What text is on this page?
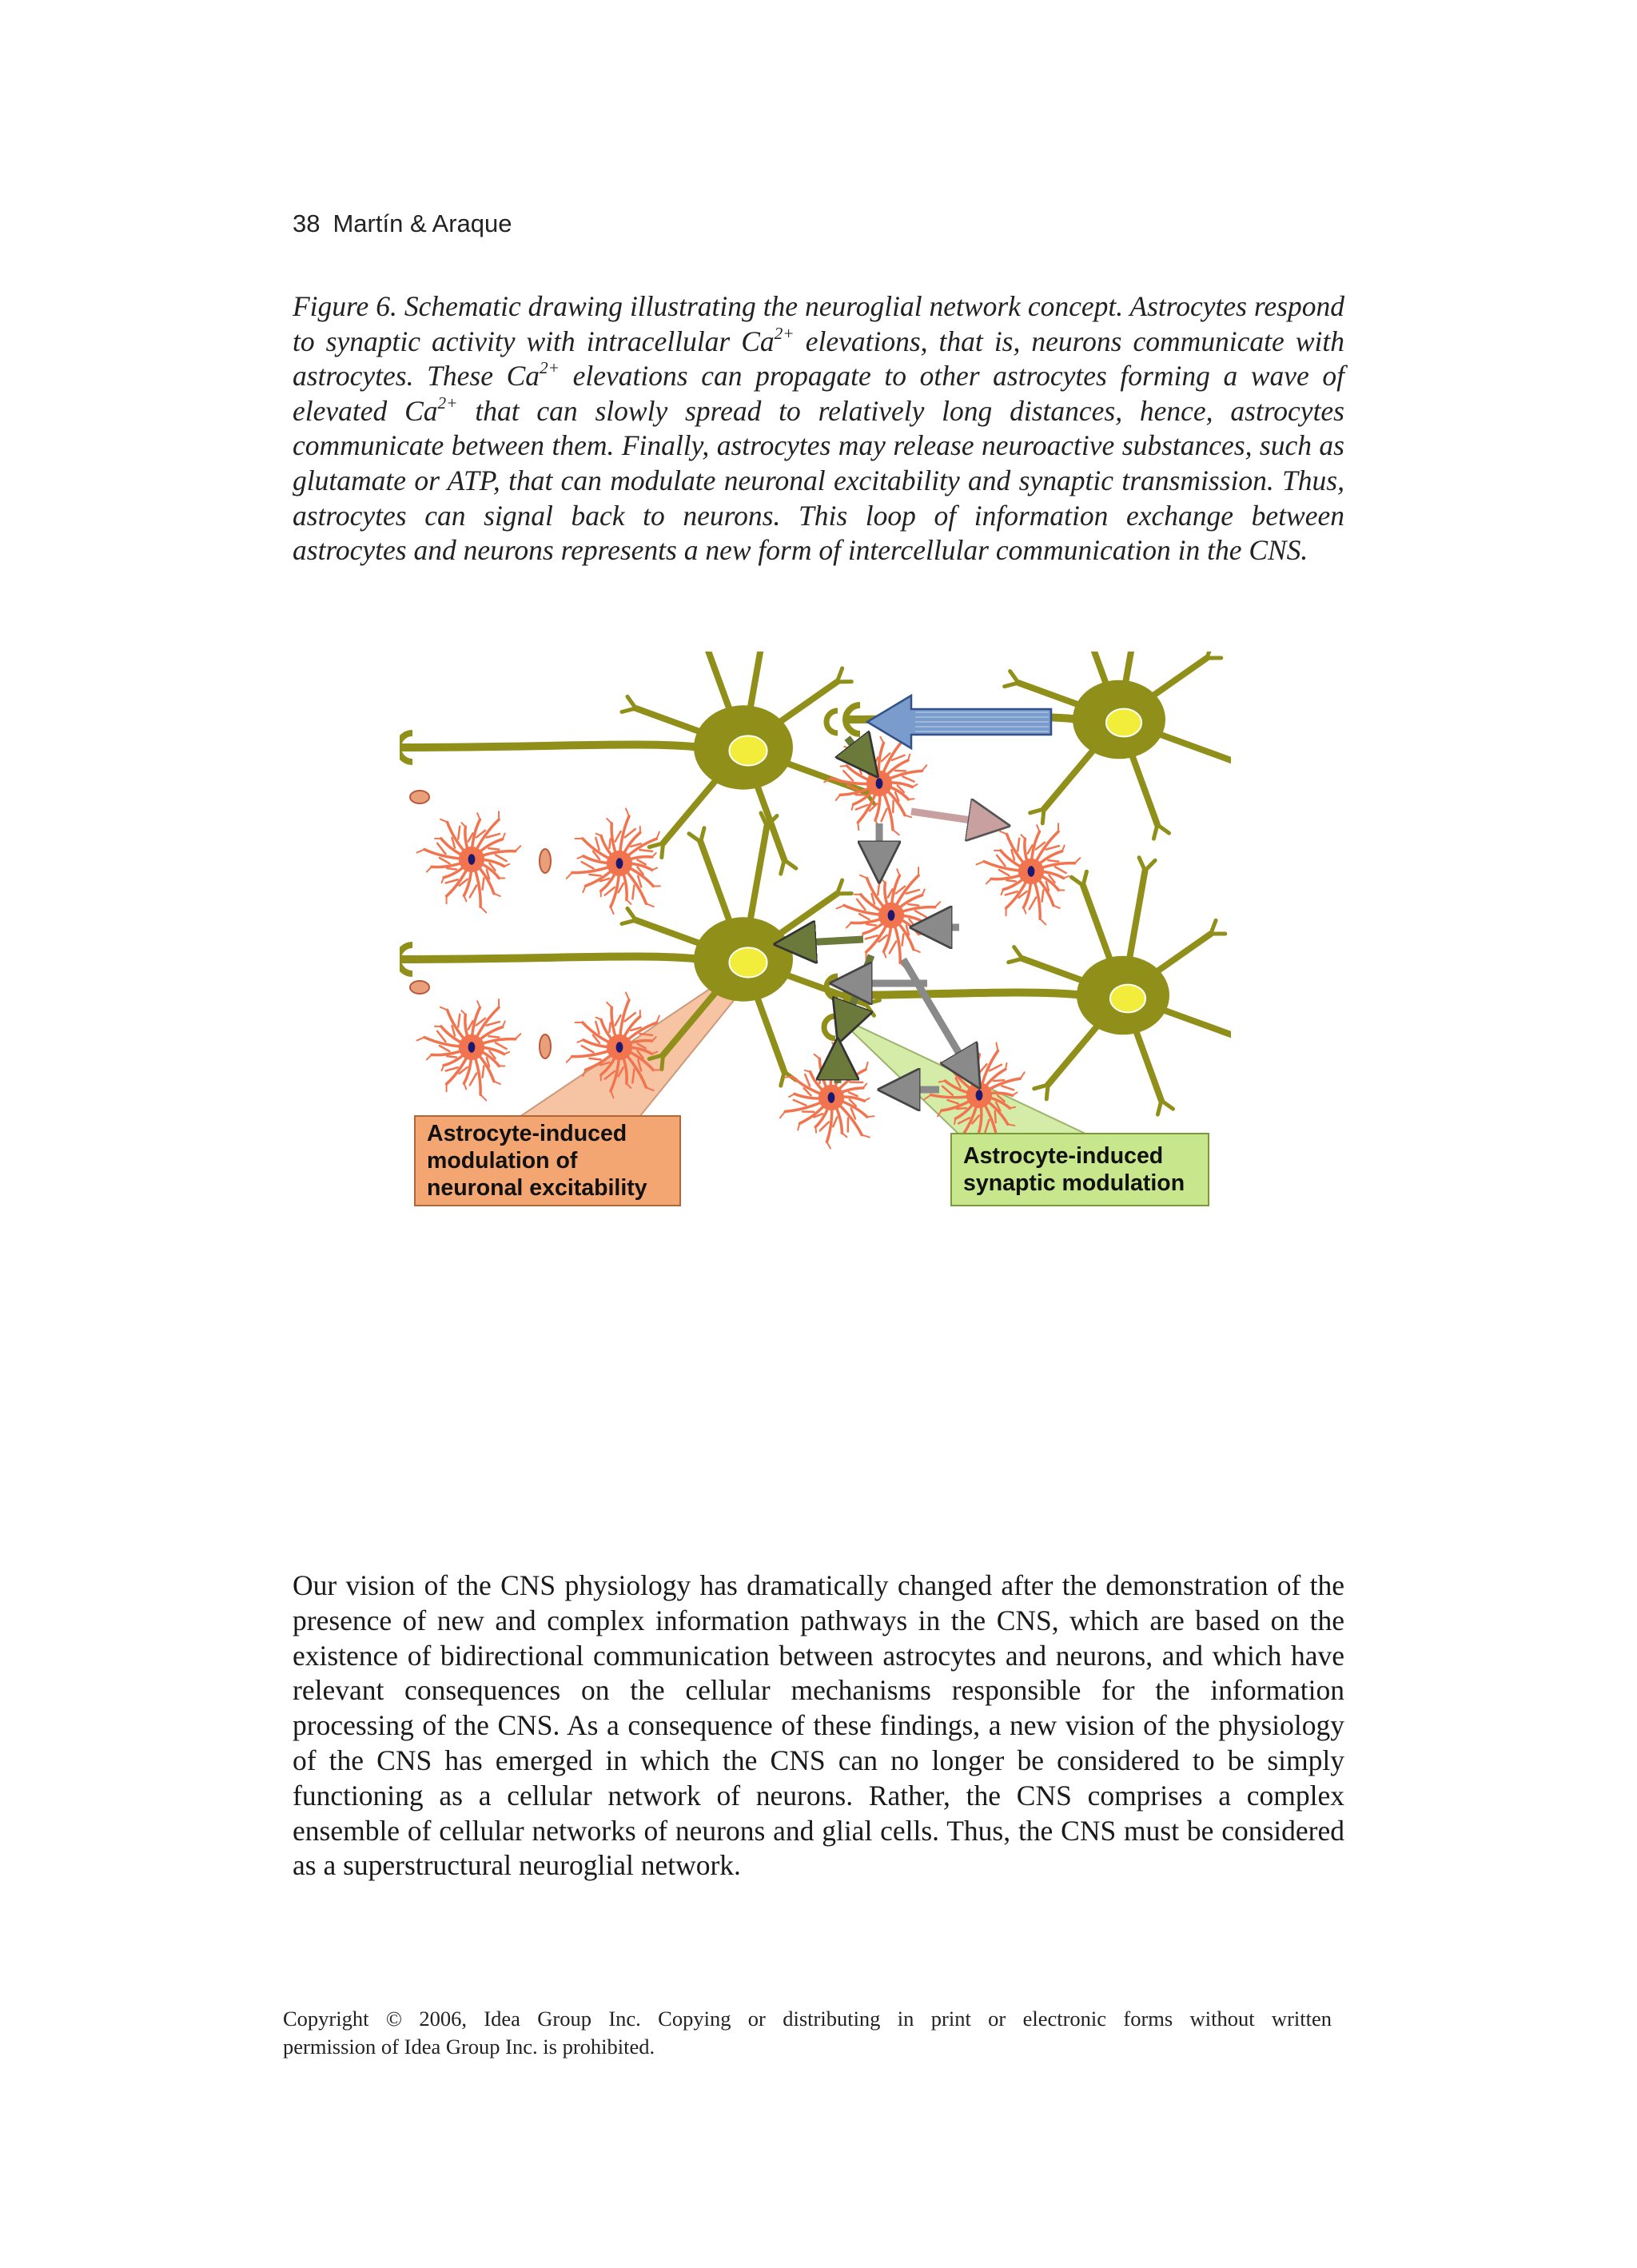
38 Martín & Araque
Figure 6. Schematic drawing illustrating the neuroglial network concept. Astrocytes respond to synaptic activity with intracellular $Ca^{2+}$ elevations, that is, neurons communicate with astrocytes. These $Ca^{2+}$ elevations can propagate to other astrocytes forming a wave of elevated $Ca^{2+}$ that can slowly spread to relatively long distances, hence, astrocytes communicate between them. Finally, astrocytes may release neuroactive substances, such as glutamate or ATP, that can modulate neuronal excitability and synaptic transmission. Thus, astrocytes can signal back to neurons. This loop of information exchange between astrocytes and neurons represents a new form of intercellular communication in the CNS.
Astrocyte-induced
modulation of
neuronal excitability
Astrocyte-induced
synaptic modulation
Our vision of the CNS physiology has dramatically changed after the demonstration of the presence of new and complex information pathways in the CNS, which are based on the existence of bidirectional communication between astrocytes and neurons, and which have relevant consequences on the cellular mechanisms responsible for the information processing of the CNS. As a consequence of these findings, a new vision of the physiology of the CNS has emerged in which the CNS can no longer be considered to be simply functioning as a cellular network of neurons. Rather, the CNS comprises a complex ensemble of cellular networks of neurons and glial cells. Thus, the CNS must be considered as a superstructural neuroglial network.
Copyright © 2006, Idea Group Inc. Copying or distributing in print or electronic forms without written
permission of Idea Group Inc. is prohibited.
